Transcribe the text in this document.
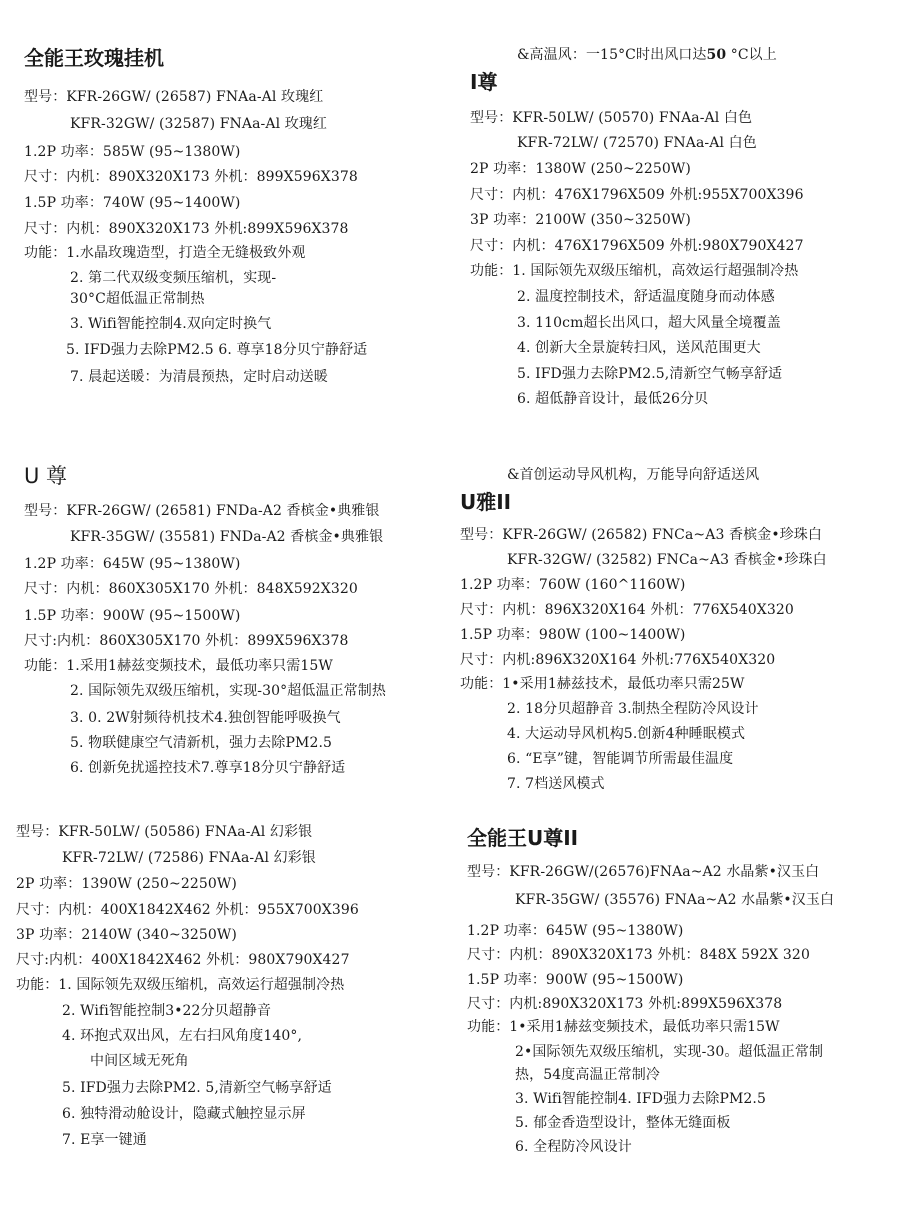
全能王玫瑰挂机
型号：KFR-26GW/ (26587) FNAa-Al 玫瑰红
KFR-32GW/ (32587) FNAa-Al 玫瑰红
1.2P 功率：585W (95~1380W)
尺寸：内机：890X320X173 外机：899X596X378
1.5P 功率：740W (95~1400W)
尺寸：内机：890X320X173 外机:899X596X378
功能：1.水晶玫瑰造型，打造全无缝极致外观
2. 第二代双级变频压缩机，实现-
30°C超低温正常制热
3. Wifi智能控制4.双向定时换气
5. IFD强力去除PM2.5 6. 尊享18分贝宁静舒适
7. 晨起送暖：为清晨预热，定时启动送暖
&高温风：一15°C时出风口达50 °C以上
I尊
型号：KFR-50LW/ (50570) FNAa-Al 白色
KFR-72LW/ (72570) FNAa-Al 白色
2P 功率：1380W (250~2250W)
尺寸：内机：476X1796X509 外机:955X700X396
3P 功率：2100W (350~3250W)
尺寸：内机：476X1796X509 外机:980X790X427
功能：1. 国际领先双级压缩机，高效运行超强制冷热
2. 温度控制技术，舒适温度随身而动体感
3. 110cm超长出风口，超大风量全境覆盖
4. 创新大全景旋转扫风，送风范围更大
5. IFD强力去除PM2.5,清新空气畅享舒适
6. 超低静音设计，最低26分贝
U 尊
型号：KFR-26GW/ (26581) FNDa-A2 香槟金•典雅银
KFR-35GW/ (35581) FNDa-A2 香槟金•典雅银
1.2P 功率：645W (95~1380W)
尺寸：内机：860X305X170 外机：848X592X320
1.5P 功率：900W (95~1500W)
尺寸:内机：860X305X170 外机：899X596X378
功能：1.采用1赫兹变频技术，最低功率只需15W
2. 国际领先双级压缩机，实现-30°超低温正常制热
3. 0. 2W射频待机技术4.独创智能呼吸换气
5. 物联健康空气清新机，强力去除PM2.5
6. 创新免扰遥控技术7.尊享18分贝宁静舒适
&首创运动导风机构，万能导向舒适送风
U雅II
型号：KFR-26GW/ (26582) FNCa~A3 香槟金•珍珠白
KFR-32GW/ (32582) FNCa~A3 香槟金•珍珠白
1.2P 功率：760W (160^1160W)
尺寸：内机：896X320X164 外机：776X540X320
1.5P 功率：980W (100~1400W)
尺寸：内机:896X320X164 外机:776X540X320
功能：1•采用1赫兹技术，最低功率只需25W
2. 18分贝超静音 3.制热全程防冷风设计
4. 大运动导风机构5.创新4种睡眠模式
6. “E享”键，智能调节所需最佳温度
7. 7档送风模式
型号：KFR-50LW/ (50586) FNAa-Al 幻彩银
KFR-72LW/ (72586) FNAa-Al 幻彩银
2P 功率：1390W (250~2250W)
尺寸：内机：400X1842X462 外机：955X700X396
3P 功率：2140W (340~3250W)
尺寸:内机：400X1842X462 外机：980X790X427
功能：1. 国际领先双级压缩机，高效运行超强制冷热
2. Wifi智能控制3•22分贝超静音
4. 环抱式双出风，左右扫风角度140°,
中间区域无死角
5. IFD强力去除PM2. 5,清新空气畅享舒适
6. 独特滑动舱设计，隐藏式触控显示屏
7. E享一键通
全能王U尊II
型号：KFR-26GW/(26576)FNAa~A2 水晶紫•汉玉白
KFR-35GW/ (35576) FNAa~A2 水晶紫•汉玉白
1.2P 功率：645W (95~1380W)
尺寸：内机：890X320X173 外机：848X 592X 320
1.5P 功率：900W (95~1500W)
尺寸：内机:890X320X173 外机:899X596X378
功能：1•采用1赫兹变频技术，最低功率只需15W
2•国际领先双级压缩机，实现-30。超低温正常制
热，54度高温正常制冷
3. Wifi智能控制4. IFD强力去除PM2.5
5. 郁金香造型设计，整体无缝面板
6. 全程防冷风设计
